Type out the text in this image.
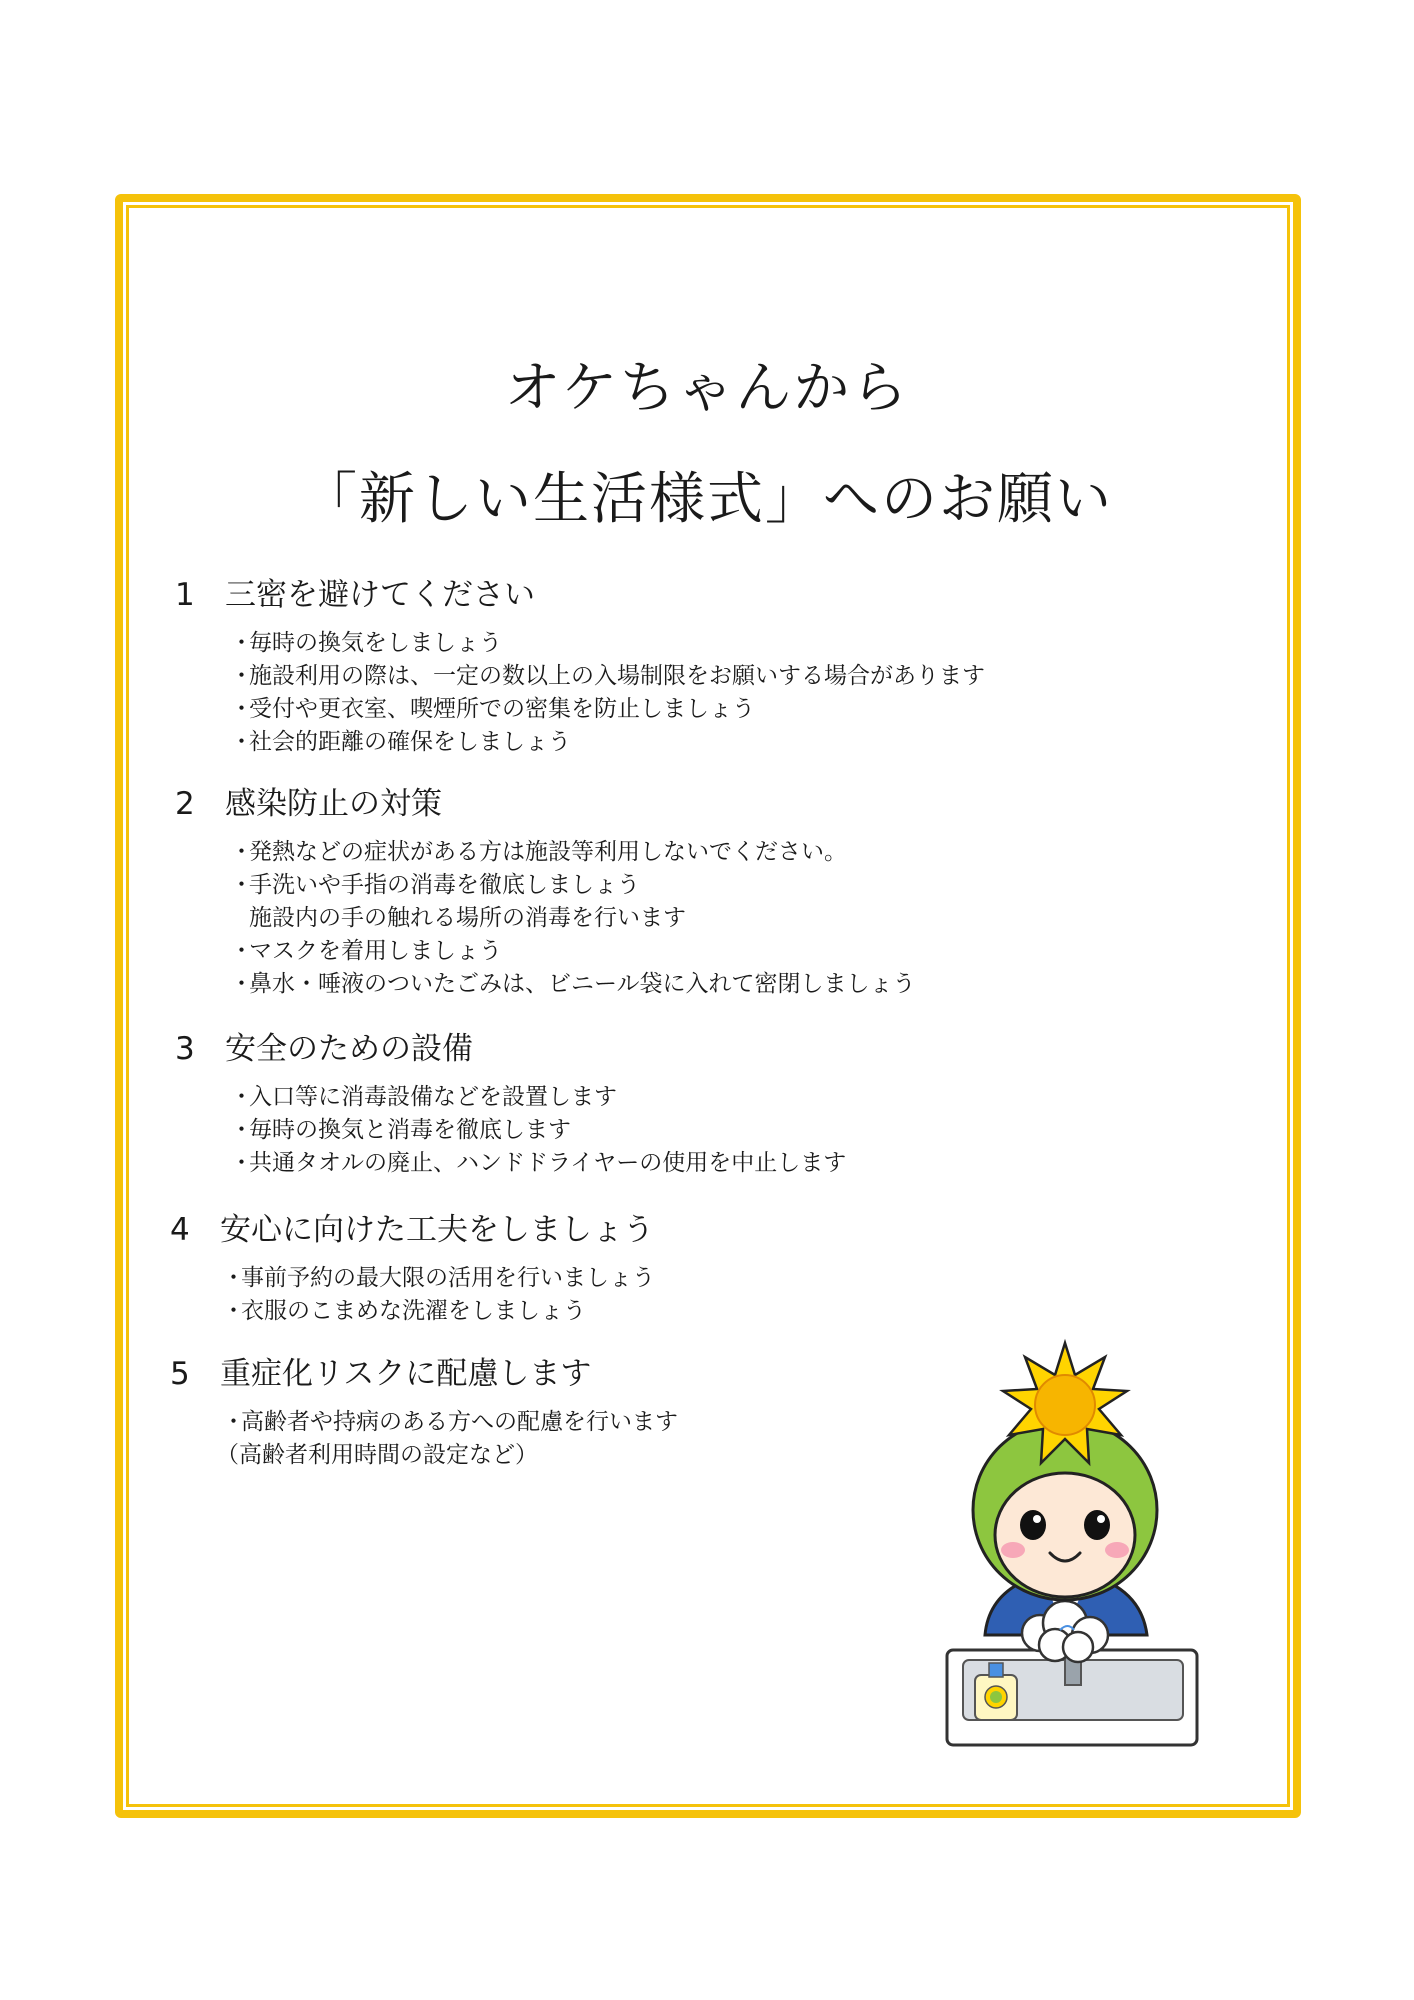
オケちゃんから
「新しい生活様式」へのお願い
1 三密を避けてください
・毎時の換気をしましょう
・施設利用の際は、一定の数以上の入場制限をお願いする場合があります
・受付や更衣室、喫煙所での密集を防止しましょう
・社会的距離の確保をしましょう
2 感染防止の対策
・発熱などの症状がある方は施設等利用しないでください。
・手洗いや手指の消毒を徹底しましょう
施設内の手の触れる場所の消毒を行います
・マスクを着用しましょう
・鼻水・唾液のついたごみは、ビニール袋に入れて密閉しましょう
3 安全のための設備
・入口等に消毒設備などを設置します
・毎時の換気と消毒を徹底します
・共通タオルの廃止、ハンドドライヤーの使用を中止します
4 安心に向けた工夫をしましょう
・事前予約の最大限の活用を行いましょう
・衣服のこまめな洗濯をしましょう
5 重症化リスクに配慮します
・高齢者や持病のある方への配慮を行います
（高齢者利用時間の設定など）
